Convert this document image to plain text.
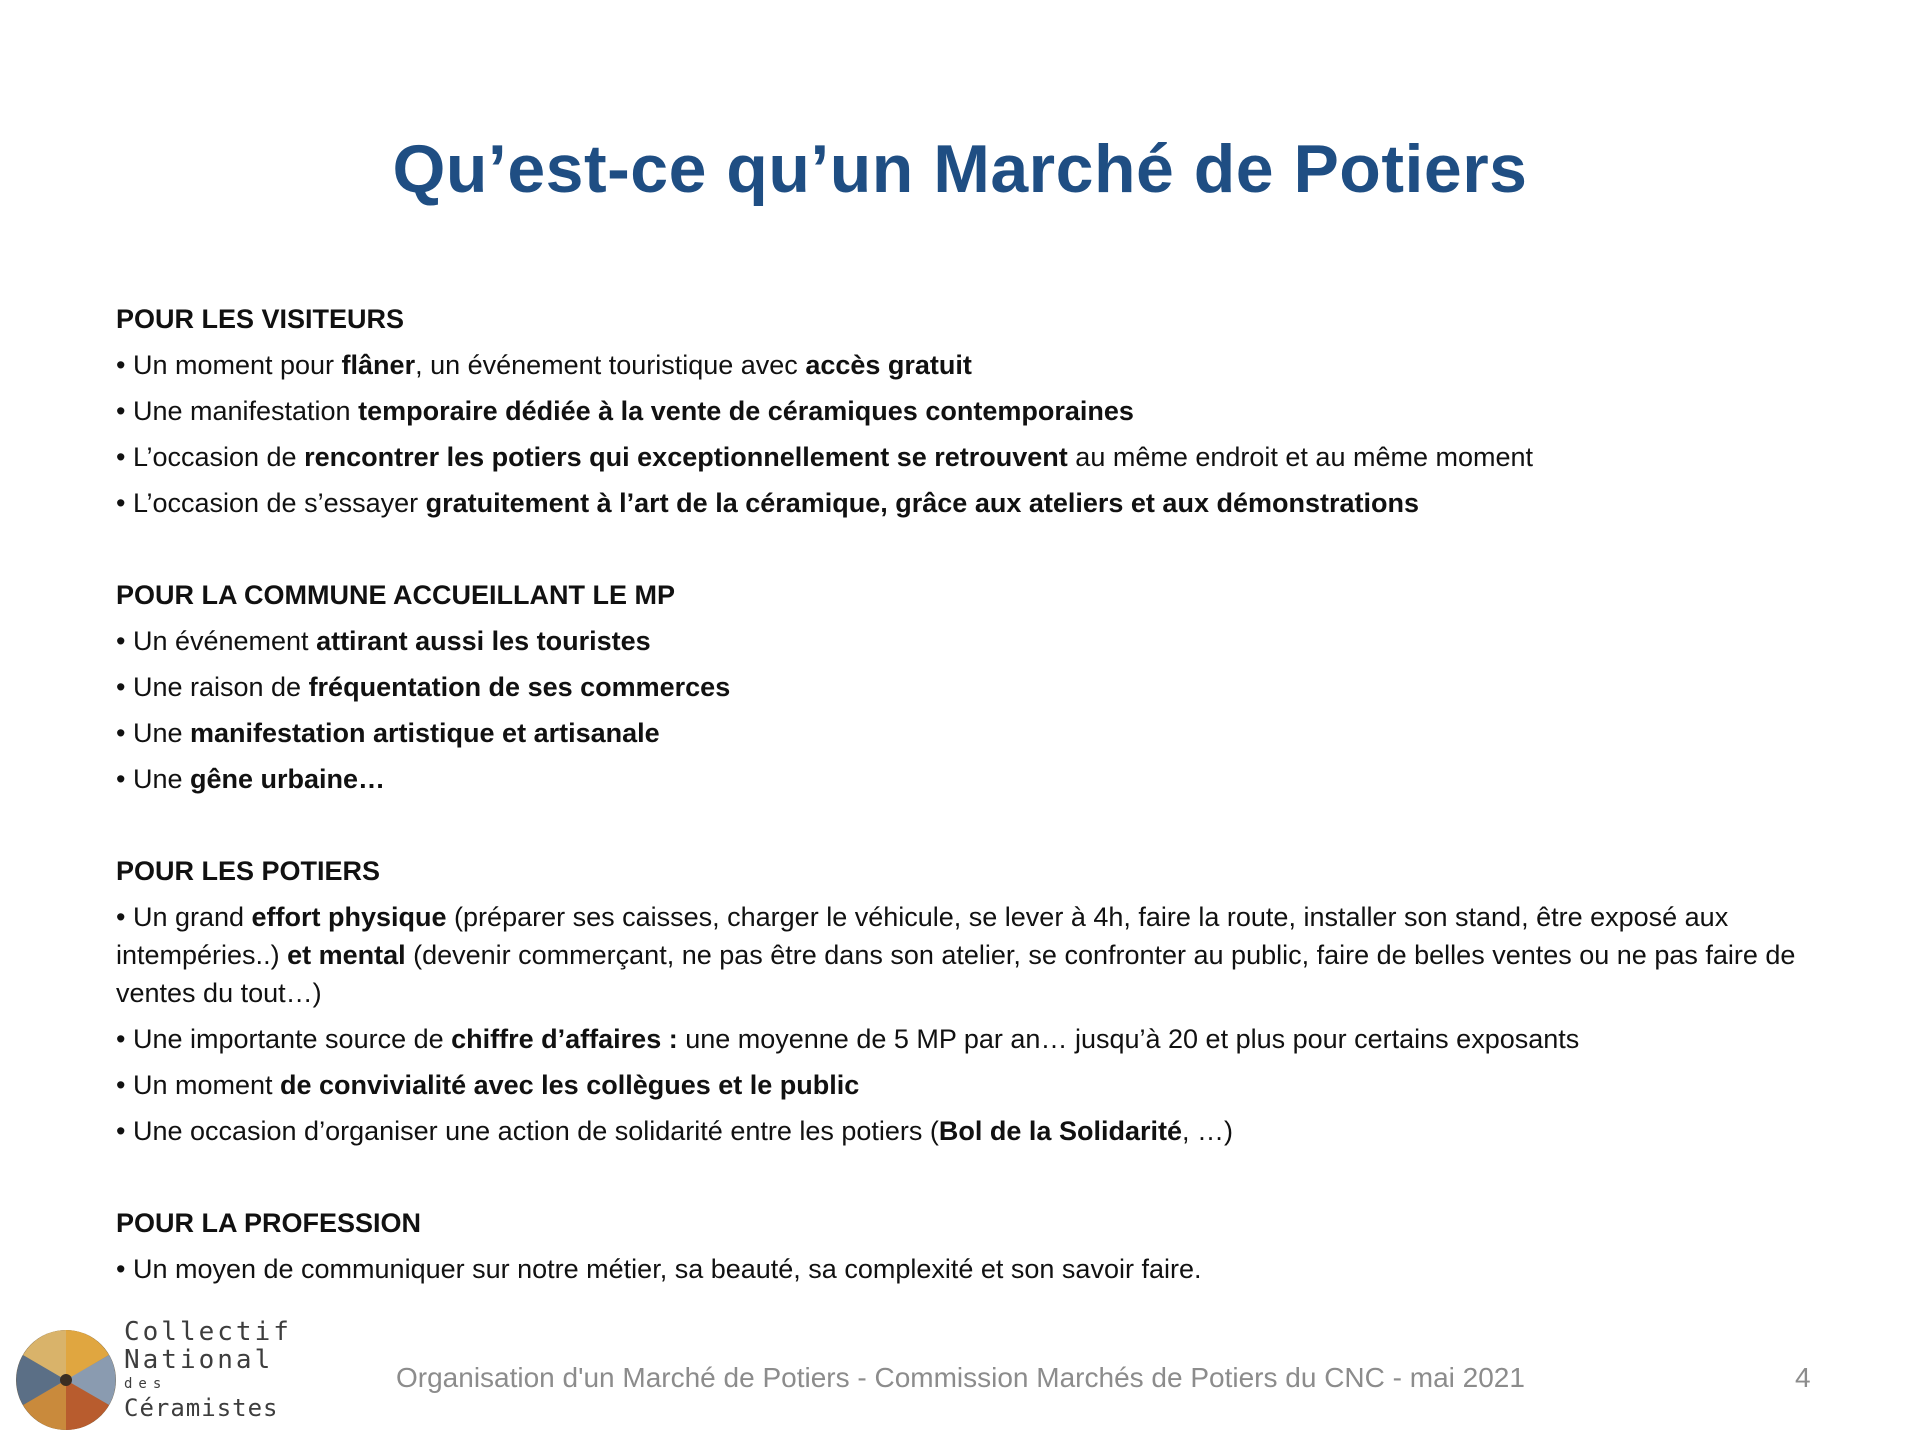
Qu’est-ce qu’un Marché de Potiers
POUR LES VISITEURS
• Un moment pour flâner, un événement touristique avec accès gratuit
• Une manifestation temporaire dédiée à la vente de céramiques contemporaines
• L’occasion de rencontrer les potiers qui exceptionnellement se retrouvent au même endroit et au même moment
• L’occasion de s’essayer gratuitement à l’art de la céramique, grâce aux ateliers et aux démonstrations
POUR LA COMMUNE ACCUEILLANT LE MP
• Un événement attirant aussi les touristes
• Une raison de fréquentation de ses commerces
• Une manifestation artistique et artisanale
• Une gêne urbaine…
POUR LES POTIERS
• Un grand effort physique (préparer ses caisses, charger le véhicule, se lever à 4h, faire la route, installer son stand, être exposé aux intempéries..) et mental (devenir commerçant, ne pas être dans son atelier, se confronter au public, faire de belles ventes ou ne pas faire de ventes du tout…)
• Une importante source de chiffre d’affaires : une moyenne de 5 MP par an… jusqu’à 20 et plus pour certains exposants
• Un moment de convivialité avec les collègues et le public
• Une occasion d’organiser une action de solidarité entre les potiers (Bol de la Solidarité, …)
POUR LA PROFESSION
• Un moyen de communiquer sur notre métier, sa beauté, sa complexité et son savoir faire.
Collectif
National
des
Céramistes
Organisation d'un Marché de Potiers - Commission Marchés de Potiers du CNC - mai 2021	4
